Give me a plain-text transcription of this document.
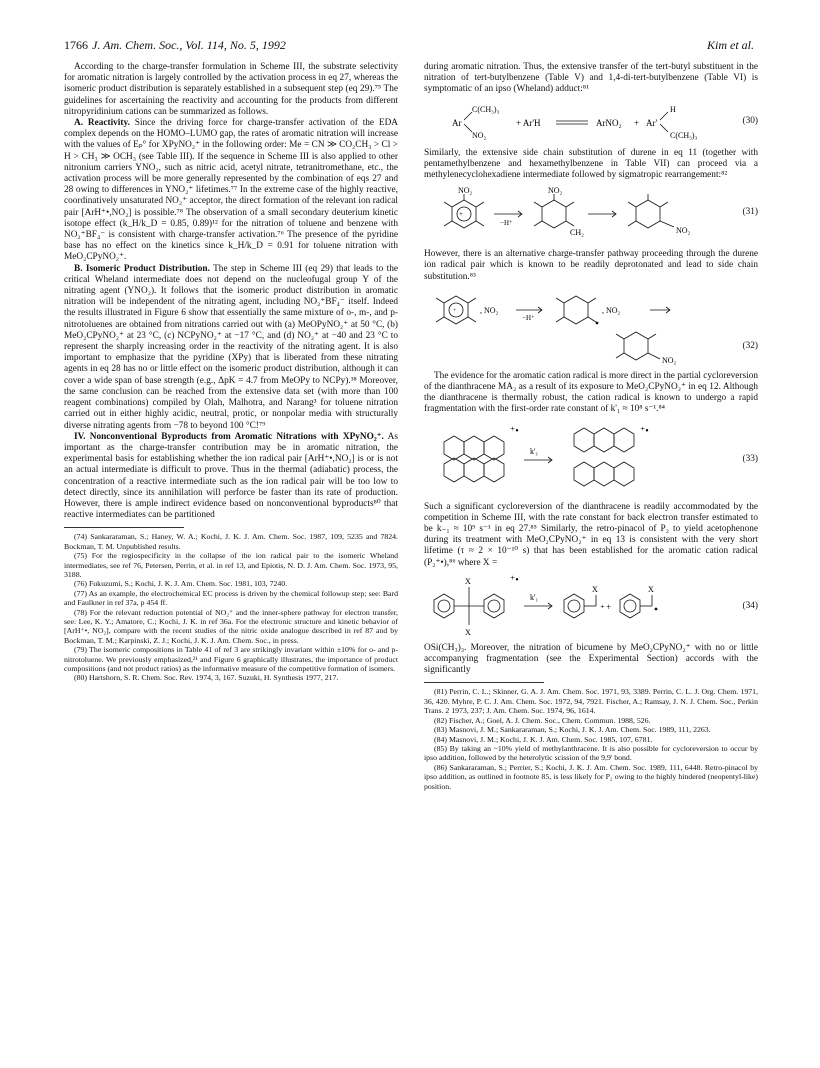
1766 J. Am. Chem. Soc., Vol. 114, No. 5, 1992	Kim et al.

According to the charge-transfer formulation in Scheme III, the substrate selectivity for aromatic nitration is largely controlled by the activation process in eq 27, whereas the isomeric product distribution is separately established in a subsequent step (eq 29).⁷⁵ The guidelines for ascertaining the reactivity and accounting for the products from different nitropyridinium cations can be summarized as follows.

A. Reactivity. Since the driving force for charge-transfer activation of the EDA complex depends on the HOMO–LUMO gap, the rates of aromatic nitration will increase with the values of Eₚ° for XPyNO₂⁺ in the following order: Me = CN ≫ CO₂CH₃ > Cl > H > CH₃ ≫ OCH₃ (see Table III). If the sequence in Scheme III is also applied to other nitronium carriers YNO₂, such as nitric acid, acetyl nitrate, tetranitromethane, etc., the activation process will be more generally represented by the combination of eqs 27 and 28 owing to differences in YNO₂⁺ lifetimes.⁷⁷ In the extreme case of the highly reactive, coordinatively unsaturated NO₂⁺ acceptor, the direct formation of the relevant ion radical pair [ArH⁺•,NO₂] is possible.⁷⁸ The observation of a small secondary deuterium kinetic isotope effect (k_H/k_D = 0.85, 0.89)¹² for the nitration of toluene and benzene with NO₂⁺BF₄⁻ is consistent with charge-transfer activation.⁷⁶ The presence of the pyridine base has no effect on the kinetics since k_H/k_D = 0.91 for toluene nitration with MeO₂CPyNO₂⁺.

B. Isomeric Product Distribution. The step in Scheme III (eq 29) that leads to the critical Wheland intermediate does not depend on the nucleofugal group Y of the nitrating agent (YNO₂). It follows that the isomeric product distribution in aromatic nitration will be independent of the nitrating agent, including NO₂⁺BF₄⁻ itself. Indeed the results illustrated in Figure 6 show that essentially the same mixture of o-, m-, and p-nitrotoluenes are obtained from nitrations carried out with (a) MeOPyNO₂⁺ at 50 °C, (b) MeO₂CPyNO₂⁺ at 23 °C, (c) NCPyNO₂⁺ at −17 °C, and (d) NO₂⁺ at −40 and 23 °C to represent the sharply increasing order in the reactivity of the nitrating agent. It is also important to emphasize that the pyridine (XPy) that is liberated from these nitrating agents in eq 28 has no or little effect on the isomeric product distribution, although it can cover a wide span of base strength (e.g., ΔpK = 4.7 from MeOPy to NCPy).³⁸ Moreover, the same conclusion can be reached from the extensive data set (with more than 100 reagent combinations) compiled by Olah, Malhotra, and Narang³ for toluene nitration carried out in either highly acidic, neutral, protic, or nonpolar media with structurally diverse nitrating agents from −78 to beyond 100 °C!⁷⁹

IV. Nonconventional Byproducts from Aromatic Nitrations with XPyNO₂⁺. As important as the charge-transfer contribution may be in aromatic nitration, the experimental basis for establishing whether the ion radical pair [ArH⁺•,NO₂] is or is not an actual intermediate is difficult to prove. Thus in the thermal (adiabatic) process, the concentration of a reactive intermediate such as the ion radical pair will be too low to detect directly, since its annihilation will perforce be faster than its rate of production. However, there is ample indirect evidence based on nonconventional byproducts⁸⁰ that reactive intermediates can be partitioned

(74) Sankararaman, S.; Haney, W. A.; Kochi, J. K. J. Am. Chem. Soc. 1987, 109, 5235 and 7824. Bockman, T. M. Unpublished results.

(75) For the regiospecificity in the collapse of the ion radical pair to the isomeric Wheland intermediates, see ref 76, Petersen, Perrin, et al. in ref 13, and Epiotis, N. D. J. Am. Chem. Soc. 1973, 95, 3188.

(76) Fukuzumi, S.; Kochi, J. K. J. Am. Chem. Soc. 1981, 103, 7240.

(77) As an example, the electrochemical EC process is driven by the chemical followup step; see: Bard and Faulkner in ref 37a, p 454 ff.

(78) For the relevant reduction potential of NO₂⁺ and the inner-sphere pathway for electron transfer, see: Lee, K. Y.; Amatore, C.; Kochi, J. K. in ref 36a. For the electronic structure and kinetic behavior of [ArH⁺•, NO₂], compare with the recent studies of the nitric oxide analogue described in ref 87 and by Bockman, T. M.; Karpinski, Z. J.; Kochi, J. K. J. Am. Chem. Soc., in press.

(79) The isomeric compositions in Table 41 of ref 3 are strikingly invariant within ±10% for o- and p-nitrotoluene. We previously emphasized,²¹ and Figure 6 graphically illustrates, the importance of product compositions (and not product ratios) as the informative measure of the competitive formation of isomers.

(80) Hartshorn, S. R. Chem. Soc. Rev. 1974, 3, 167. Suzuki, H. Synthesis 1977, 217.

during aromatic nitration. Thus, the extensive transfer of the tert-butyl substituent in the nitration of tert-butylbenzene (Table V) and 1,4-di-tert-butylbenzene (Table VI) is symptomatic of an ipso (Wheland) adduct:⁸¹

Ar
C(CH₃)₃
NO₂
+ Ar'H	ArNO₂ + Ar'
H
C(CH₃)₃
(30)

Similarly, the extensive side chain substitution of durene in eq 11 (together with pentamethylbenzene and hexamethylbenzene in Table VII) can proceed via a methylenecyclohexadiene intermediate followed by sigmatropic rearrangement:⁸²

+
NO₂	NO₂
−H⁺
CH₂	NO₂
(31)

However, there is an alternative charge-transfer pathway proceeding through the durene ion radical pair which is known to be readily deprotonated and lead to side chain substitution.⁸³

+	, NO₂
−H⁺
, NO₂
NO₂
(32)

The evidence for the aromatic cation radical is more direct in the partial cycloreversion of the dianthracene MA₂ as a result of its exposure to MeO₂CPyNO₂⁺ in eq 12. Although the dianthracene is thermally robust, the cation radical is known to undergo a rapid fragmentation with the first-order rate constant of k'₁ ≈ 10⁸ s⁻¹.⁸⁴

⁺•	⁺•
k'₁
(33)

Such a significant cycloreversion of the dianthracene is readily accommodated by the competition in Scheme III, with the rate constant for back electron transfer estimated to be k₋₁ ≈ 10⁹ s⁻¹ in eq 27.⁸⁵ Similarly, the retro-pinacol of P₂ to yield acetophenone during its treatment with MeO₂CPyNO₂⁺ in eq 13 is consistent with the very short lifetime (τ ≈ 2 × 10⁻¹⁰ s) that has been established for the aromatic cation radical (P₂⁺•),⁸⁶ where X =

X
X
X	X
⁺•
k'₁
⁺ +	(34)

OSi(CH₃)₃. Moreover, the nitration of bicumene by MeO₂CPyNO₂⁺ with no or little accompanying fragmentation (see the Experimental Section) accords with the significantly

(81) Perrin, C. L.; Skinner, G. A. J. Am. Chem. Soc. 1971, 93, 3389. Perrin, C. L. J. Org. Chem. 1971, 36, 420. Myhre, P. C. J. Am. Chem. Soc. 1972, 94, 7921. Fischer, A.; Ramsay, J. N. J. Chem. Soc., Perkin Trans. 2 1973, 237; J. Am. Chem. Soc. 1974, 96, 1614.

(82) Fischer, A.; Goel, A. J. Chem. Soc., Chem. Commun. 1988, 526.

(83) Masnovi, J. M.; Sankararaman, S.; Kochi, J. K. J. Am. Chem. Soc. 1989, 111, 2263.

(84) Masnovi, J. M.; Kochi, J. K. J. Am. Chem. Soc. 1985, 107, 6781.

(85) By taking an ~10% yield of methylanthracene. It is also possible for cycloreversion to occur by ipso addition, followed by the heterolytic scission of the 9,9' bond.

(86) Sankararaman, S.; Perrier, S.; Kochi, J. K. J. Am. Chem. Soc. 1989, 111, 6448. Retro-pinacol by ipso addition, as outlined in footnote 85, is less likely for P₂ owing to the highly hindered (neopentyl-like) position.
